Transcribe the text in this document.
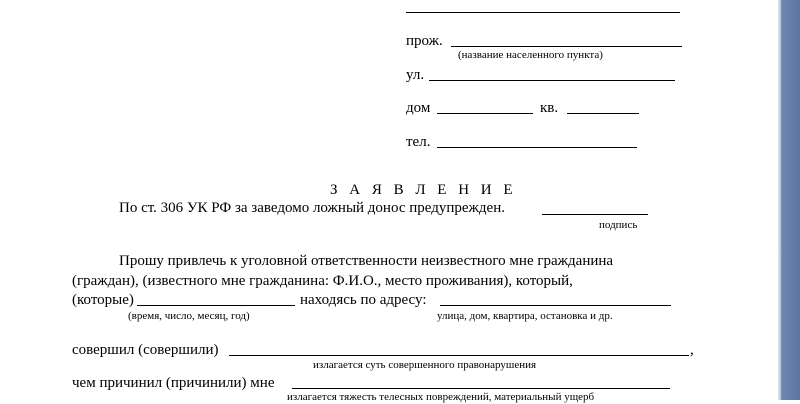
прож.
(название населенного пункта)
ул.
дом	кв.
тел.
З А Я В Л Е Н И Е
По ст. 306 УК РФ за заведомо ложный донос предупрежден.
подпись
Прошу привлечь к уголовной ответственности неизвестного мне гражданина
(граждан), (известного мне гражданина: Ф.И.О., место проживания), который,
(которые)	находясь по адресу:
(время, число, месяц, год)	улица, дом, квартира, остановка и др.
совершил (совершили)	,
излагается суть совершенного правонарушения
чем причинил (причинили) мне
излагается тяжесть телесных повреждений, материальный ущерб
